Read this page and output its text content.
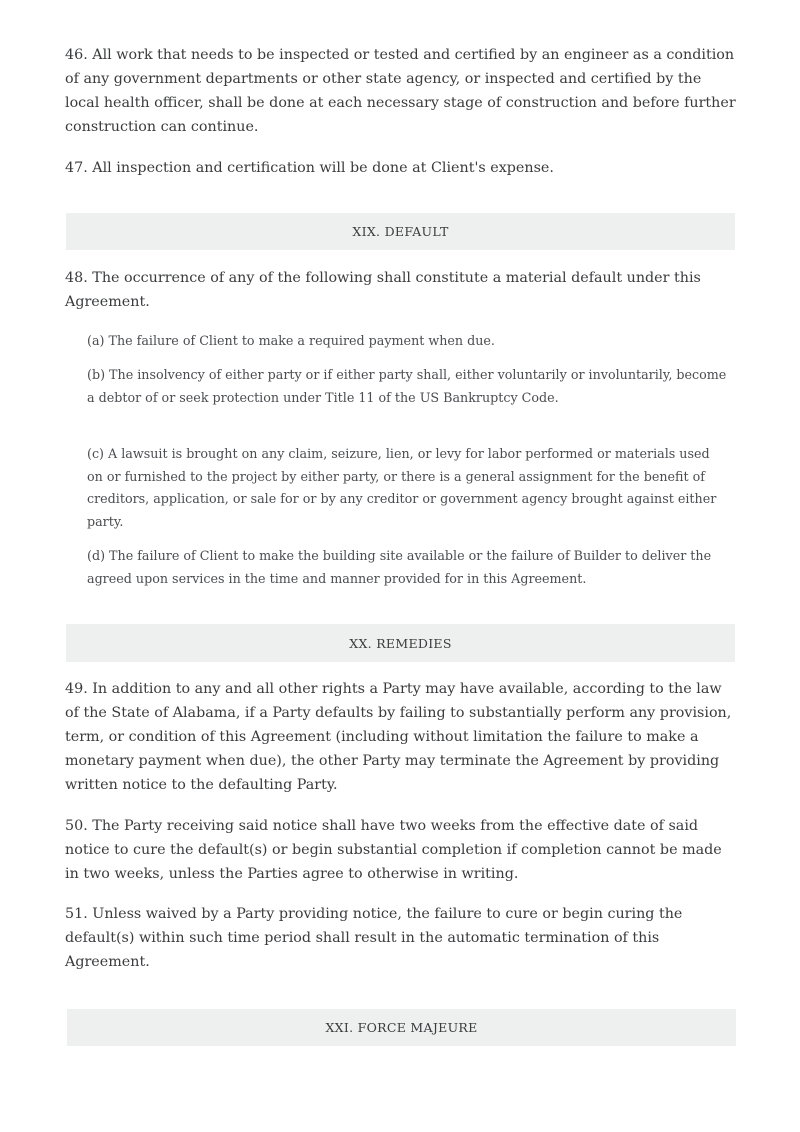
46. All work that needs to be inspected or tested and certified by an engineer as a condition of any government departments or other state agency, or inspected and certified by the local health officer, shall be done at each necessary stage of construction and before further construction can continue.
47. All inspection and certification will be done at Client's expense.
XIX. DEFAULT
48. The occurrence of any of the following shall constitute a material default under this Agreement.
(a) The failure of Client to make a required payment when due.
(b) The insolvency of either party or if either party shall, either voluntarily or involuntarily, become a debtor of or seek protection under Title 11 of the US Bankruptcy Code.
(c) A lawsuit is brought on any claim, seizure, lien, or levy for labor performed or materials used on or furnished to the project by either party, or there is a general assignment for the benefit of creditors, application, or sale for or by any creditor or government agency brought against either party.
(d) The failure of Client to make the building site available or the failure of Builder to deliver the agreed upon services in the time and manner provided for in this Agreement.
XX. REMEDIES
49. In addition to any and all other rights a Party may have available, according to the law of the State of Alabama, if a Party defaults by failing to substantially perform any provision, term, or condition of this Agreement (including without limitation the failure to make a monetary payment when due), the other Party may terminate the Agreement by providing written notice to the defaulting Party.
50. The Party receiving said notice shall have two weeks from the effective date of said notice to cure the default(s) or begin substantial completion if completion cannot be made in two weeks, unless the Parties agree to otherwise in writing.
51. Unless waived by a Party providing notice, the failure to cure or begin curing the default(s) within such time period shall result in the automatic termination of this Agreement.
XXI. FORCE MAJEURE
